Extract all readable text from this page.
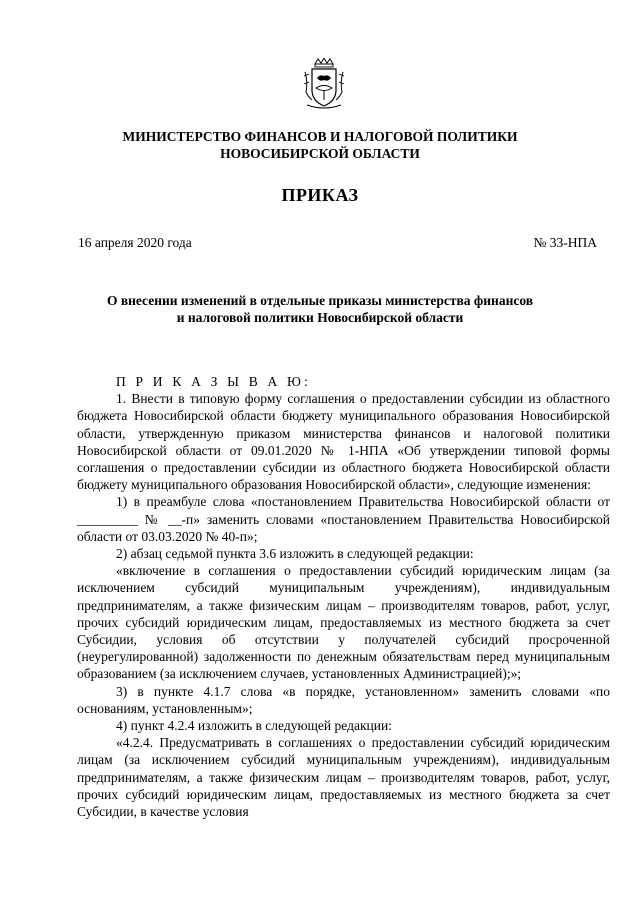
МИНИСТЕРСТВО ФИНАНСОВ И НАЛОГОВОЙ ПОЛИТИКИ
НОВОСИБИРСКОЙ ОБЛАСТИ
ПРИКАЗ
16 апреля 2020 года	№ 33-НПА
О внесении изменений в отдельные приказы министерства финансов
и налоговой политики Новосибирской области

П Р И К А З Ы В А Ю:

1. Внести в типовую форму соглашения о предоставлении субсидии из областного бюджета Новосибирской области бюджету муниципального образования Новосибирской области, утвержденную приказом министерства финансов и налоговой политики Новосибирской области от 09.01.2020 № 1-НПА «Об утверждении типовой формы соглашения о предоставлении субсидии из областного бюджета Новосибирской области бюджету муниципального образования Новосибирской области», следующие изменения:

1) в преамбуле слова «постановлением Правительства Новосибирской области от _________ № __-п» заменить словами «постановлением Правительства Новосибирской области от 03.03.2020 № 40-п»;

2) абзац седьмой пункта 3.6 изложить в следующей редакции:

«включение в соглашения о предоставлении субсидий юридическим лицам (за исключением субсидий муниципальным учреждениям), индивидуальным предпринимателям, а также физическим лицам – производителям товаров, работ, услуг, прочих субсидий юридическим лицам, предоставляемых из местного бюджета за счет Субсидии, условия об отсутствии у получателей субсидий просроченной (неурегулированной) задолженности по денежным обязательствам перед муниципальным образованием (за исключением случаев, установленных Администрацией);»;

3) в пункте 4.1.7 слова «в порядке, установленном» заменить словами «по основаниям, установленным»;

4) пункт 4.2.4 изложить в следующей редакции:

«4.2.4. Предусматривать в соглашениях о предоставлении субсидий юридическим лицам (за исключением субсидий муниципальным учреждениям), индивидуальным предпринимателям, а также физическим лицам – производителям товаров, работ, услуг, прочих субсидий юридическим лицам, предоставляемых из местного бюджета за счет Субсидии, в качестве условия
